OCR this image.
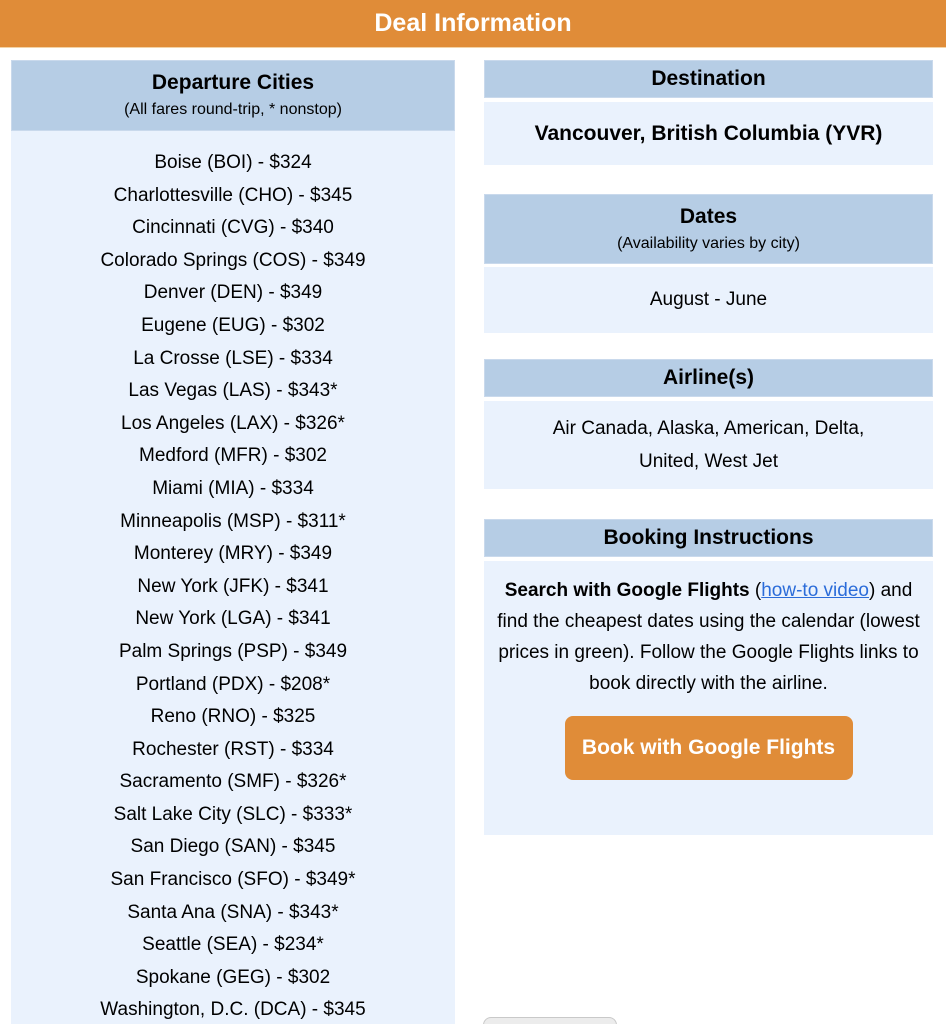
Deal Information
Departure Cities
(All fares round-trip, * nonstop)
Boise (BOI) - $324
Charlottesville (CHO) - $345
Cincinnati (CVG) - $340
Colorado Springs (COS) - $349
Denver (DEN) - $349
Eugene (EUG) - $302
La Crosse (LSE) - $334
Las Vegas (LAS) - $343*
Los Angeles (LAX) - $326*
Medford (MFR) - $302
Miami (MIA) - $334
Minneapolis (MSP) - $311*
Monterey (MRY) - $349
New York (JFK) - $341
New York (LGA) - $341
Palm Springs (PSP) - $349
Portland (PDX) - $208*
Reno (RNO) - $325
Rochester (RST) - $334
Sacramento (SMF) - $326*
Salt Lake City (SLC) - $333*
San Diego (SAN) - $345
San Francisco (SFO) - $349*
Santa Ana (SNA) - $343*
Seattle (SEA) - $234*
Spokane (GEG) - $302
Washington, D.C. (DCA) - $345
Destination
Vancouver, British Columbia (YVR)
Dates
(Availability varies by city)
August - June
Airline(s)
Air Canada, Alaska, American, Delta, United, West Jet
Booking Instructions
Search with Google Flights (how-to video) and find the cheapest dates using the calendar (lowest prices in green). Follow the Google Flights links to book directly with the airline.
Book with Google Flights
